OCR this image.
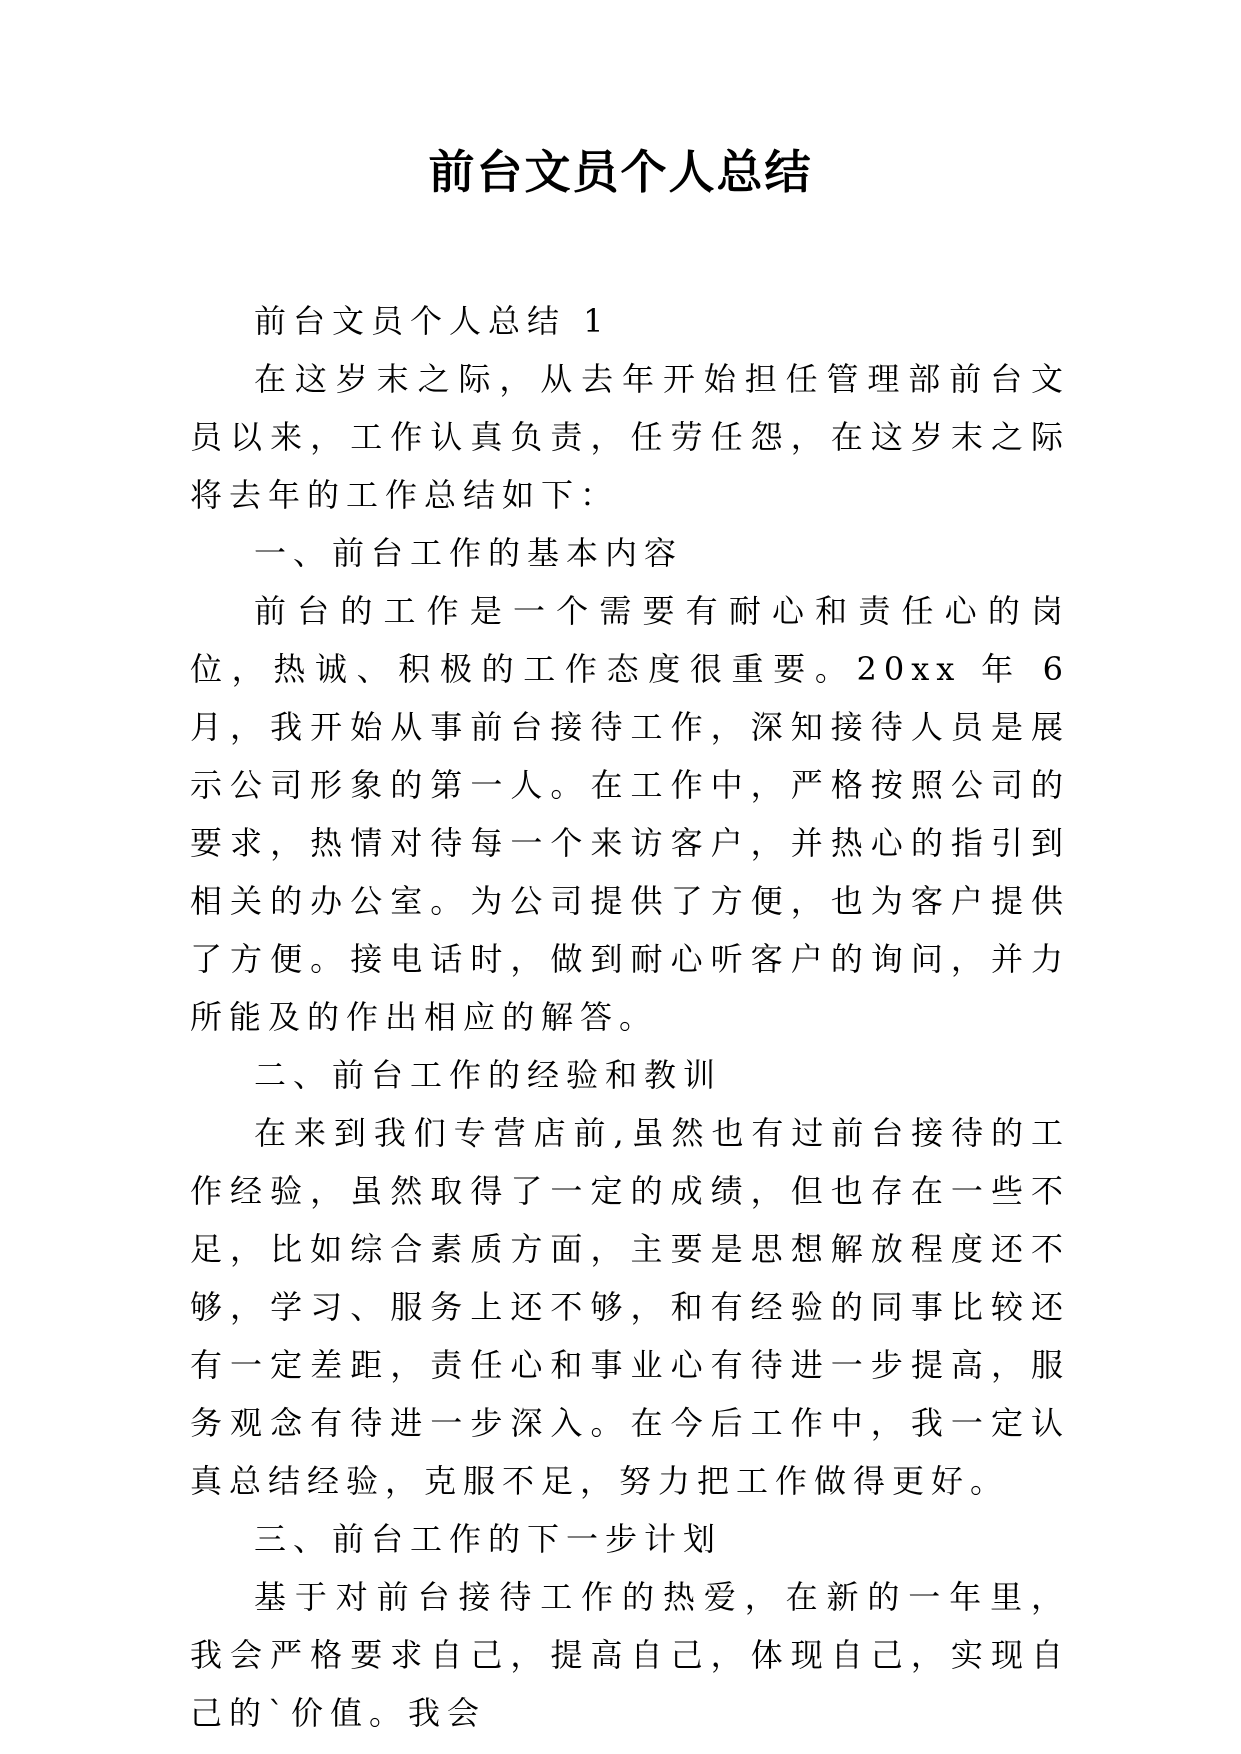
前台文员个人总结

前台文员个人总结 1

在这岁末之际，从去年开始担任管理部前台文员以来，工作认真负责，任劳任怨，在这岁末之际将去年的工作总结如下：

一、前台工作的基本内容

前台的工作是一个需要有耐心和责任心的岗位，热诚、积极的工作态度很重要。20xx 年 6 月，我开始从事前台接待工作，深知接待人员是展示公司形象的第一人。在工作中，严格按照公司的要求，热情对待每一个来访客户，并热心的指引到相关的办公室。为公司提供了方便，也为客户提供了方便。接电话时，做到耐心听客户的询问，并力所能及的作出相应的解答。

二、前台工作的经验和教训

在来到我们专营店前,虽然也有过前台接待的工作经验，虽然取得了一定的成绩，但也存在一些不足，比如综合素质方面，主要是思想解放程度还不够，学习、服务上还不够，和有经验的同事比较还有一定差距，责任心和事业心有待进一步提高，服务观念有待进一步深入。在今后工作中，我一定认真总结经验，克服不足，努力把工作做得更好。

三、前台工作的下一步计划

基于对前台接待工作的热爱，在新的一年里，我会严格要求自己，提高自己，体现自己，实现自己的`价值。我会
